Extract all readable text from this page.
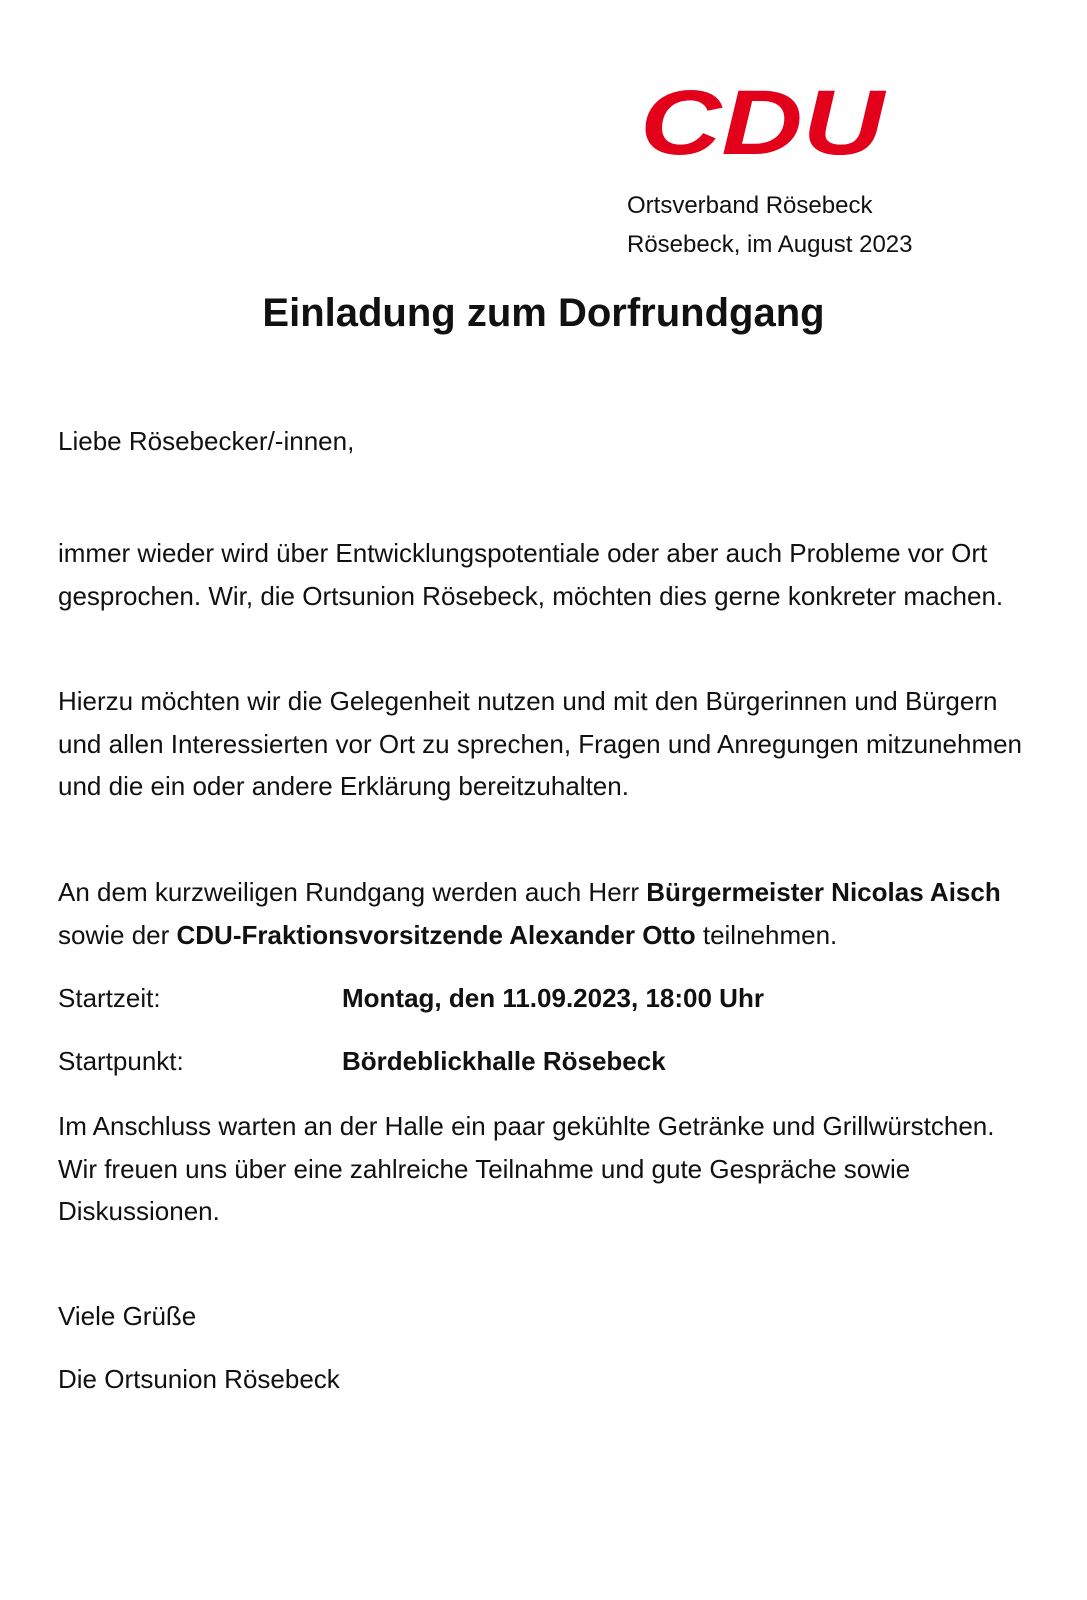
CDU
Ortsverband Rösebeck
Rösebeck, im August 2023
Einladung zum Dorfrundgang

Liebe Rösebecker/-innen,

immer wieder wird über Entwicklungspotentiale oder aber auch Probleme vor Ort gesprochen. Wir, die Ortsunion Rösebeck, möchten dies gerne konkreter machen.

Hierzu möchten wir die Gelegenheit nutzen und mit den Bürgerinnen und Bürgern und allen Interessierten vor Ort zu sprechen, Fragen und Anregungen mitzunehmen und die ein oder andere Erklärung bereitzuhalten.

An dem kurzweiligen Rundgang werden auch Herr Bürgermeister Nicolas Aisch sowie der CDU-Fraktionsvorsitzende Alexander Otto teilnehmen.

Startzeit:	Montag, den 11.09.2023, 18:00 Uhr
Startpunkt:	Bördeblickhalle Rösebeck

Im Anschluss warten an der Halle ein paar gekühlte Getränke und Grillwürstchen.
Wir freuen uns über eine zahlreiche Teilnahme und gute Gespräche sowie Diskussionen.

Viele Grüße

Die Ortsunion Rösebeck
